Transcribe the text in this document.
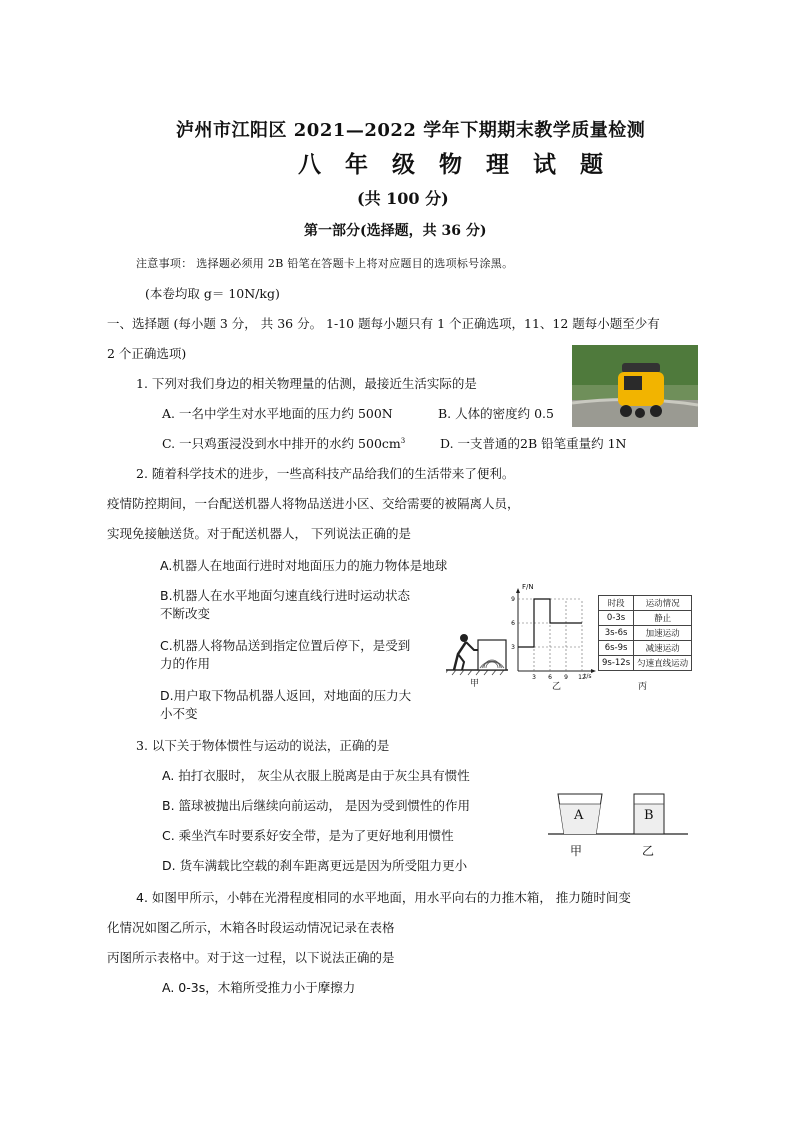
泸州市江阳区 2021—2022 学年下期期末教学质量检测
八 年 级 物 理 试 题
(共 100 分)
第一部分(选择题，共 36 分)
注意事项： 选择题必须用 2B 铅笔在答题卡上将对应题目的选项标号涂黑。
(本卷均取 g＝ 10N/kg)
一、选择题 (每小题 3 分， 共 36 分。 1-10 题每小题只有 1 个正确选项，11、12 题每小题至少有
2 个正确选项)
1. 下列对我们身边的相关物理量的估测，最接近生活实际的是
A. 一名中学生对水平地面的压力约 500N	B. 人体的密度约 0.5
C. 一只鸡蛋浸没到水中排开的水约 $500cm^3$	D. 一支普通的2B 铅笔重量约 1N
2. 随着科学技术的进步，一些高科技产品给我们的生活带来了便利。
疫情防控期间，一台配送机器人将物品送进小区、交给需要的被隔离人员，
实现免接触送货。对于配送机器人， 下列说法正确的是
A.机器人在地面行进时对地面压力的施力物体是地球
B.机器人在水平地面匀速直线行进时运动状态
不断改变
C.机器人将物品送到指定位置后停下，是受到
力的作用
D.用户取下物品机器人返回，对地面的压力大
小不变
甲
9
6
3
3 6 9 12
F/N
t/s
乙
时段	运动情况
0-3s	静止
3s-6s	加速运动
6s-9s	减速运动
9s-12s	匀速直线运动
丙
3. 以下关于物体惯性与运动的说法，正确的是
A. 拍打衣服时， 灰尘从衣服上脱离是由于灰尘具有惯性
B. 篮球被抛出后继续向前运动， 是因为受到惯性的作用
C. 乘坐汽车时要系好安全带，是为了更好地利用惯性
D. 货车满载比空载的刹车距离更远是因为所受阻力更小
A	B
甲	乙
4. 如图甲所示，小韩在光滑程度相同的水平地面，用水平向右的力推木箱， 推力随时间变
化情况如图乙所示，木箱各时段运动情况记录在表格
丙图所示表格中。对于这一过程，以下说法正确的是
A. 0-3s，木箱所受推力小于摩擦力
